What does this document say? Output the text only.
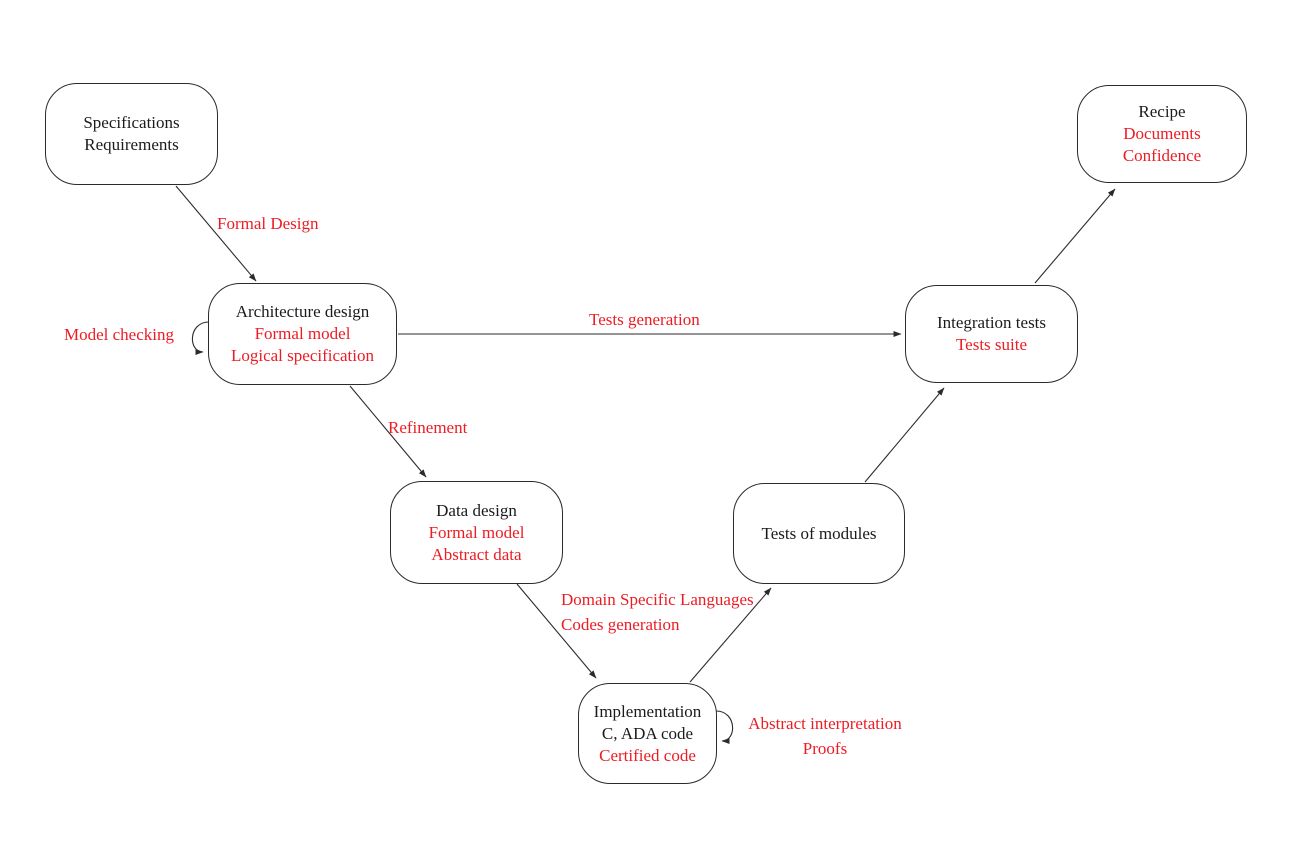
Specifications
Requirements
Architecture design
Formal model
Logical specification
Data design
Formal model
Abstract data
Implementation
C, ADA code
Certified code
Tests of modules
Integration tests
Tests suite
Recipe
Documents
Confidence
Formal Design
Model checking
Tests generation
Refinement
Domain Specific Languages
Codes generation
Abstract interpretation
Proofs
